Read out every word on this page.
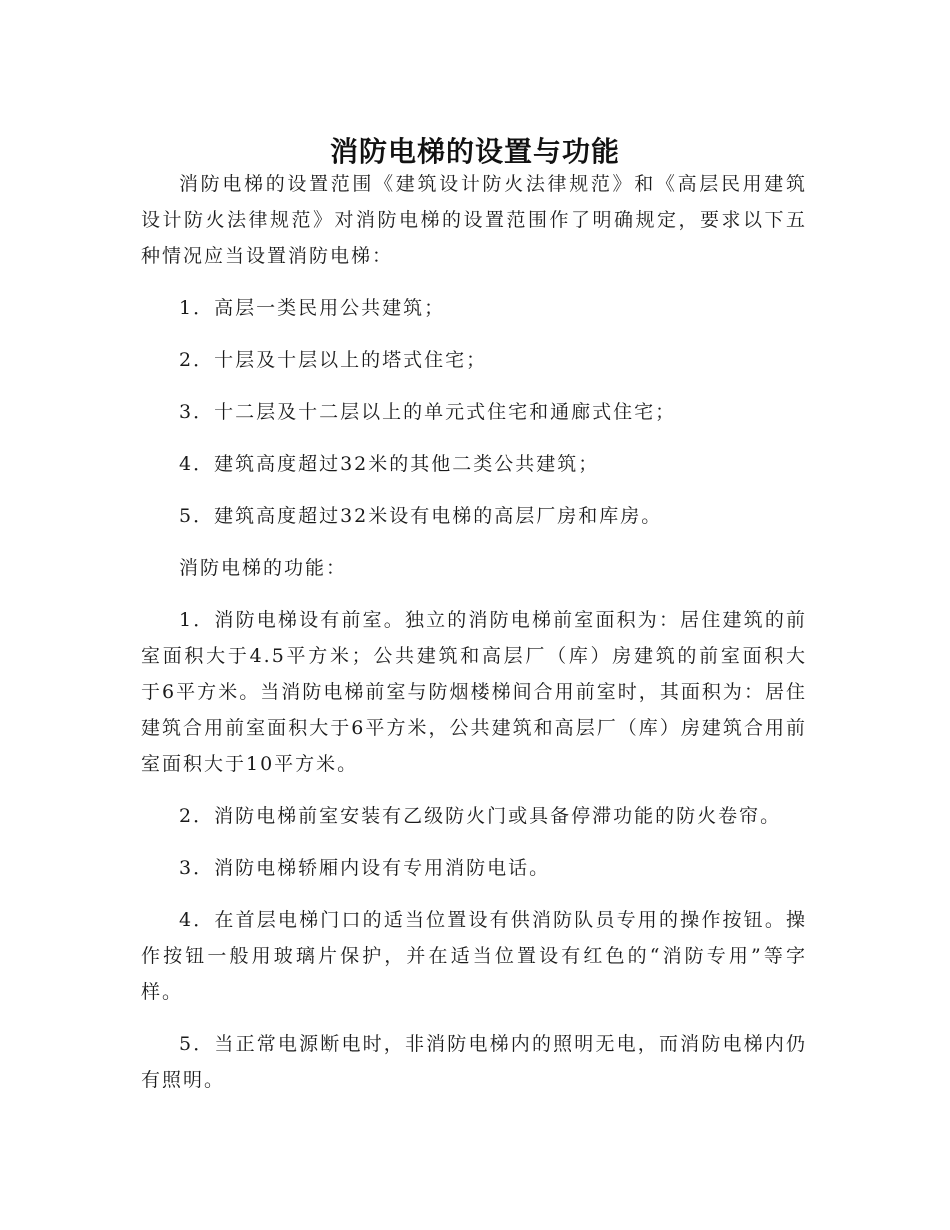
消防电梯的设置与功能

消防电梯的设置范围《建筑设计防火法律规范》和《高层民用建筑设计防火法律规范》对消防电梯的设置范围作了明确规定，要求以下五种情况应当设置消防电梯：

1．高层一类民用公共建筑；

2．十层及十层以上的塔式住宅；

3．十二层及十二层以上的单元式住宅和通廊式住宅；

4．建筑高度超过32米的其他二类公共建筑；

5．建筑高度超过32米设有电梯的高层厂房和库房。

消防电梯的功能：

1．消防电梯设有前室。独立的消防电梯前室面积为：居住建筑的前室面积大于4.5平方米；公共建筑和高层厂（库）房建筑的前室面积大于6平方米。当消防电梯前室与防烟楼梯间合用前室时，其面积为：居住建筑合用前室面积大于6平方米，公共建筑和高层厂（库）房建筑合用前室面积大于10平方米。

2．消防电梯前室安装有乙级防火门或具备停滞功能的防火卷帘。

3．消防电梯轿厢内设有专用消防电话。

4．在首层电梯门口的适当位置设有供消防队员专用的操作按钮。操作按钮一般用玻璃片保护，并在适当位置设有红色的“消防专用”等字样。

5．当正常电源断电时，非消防电梯内的照明无电，而消防电梯内仍有照明。
